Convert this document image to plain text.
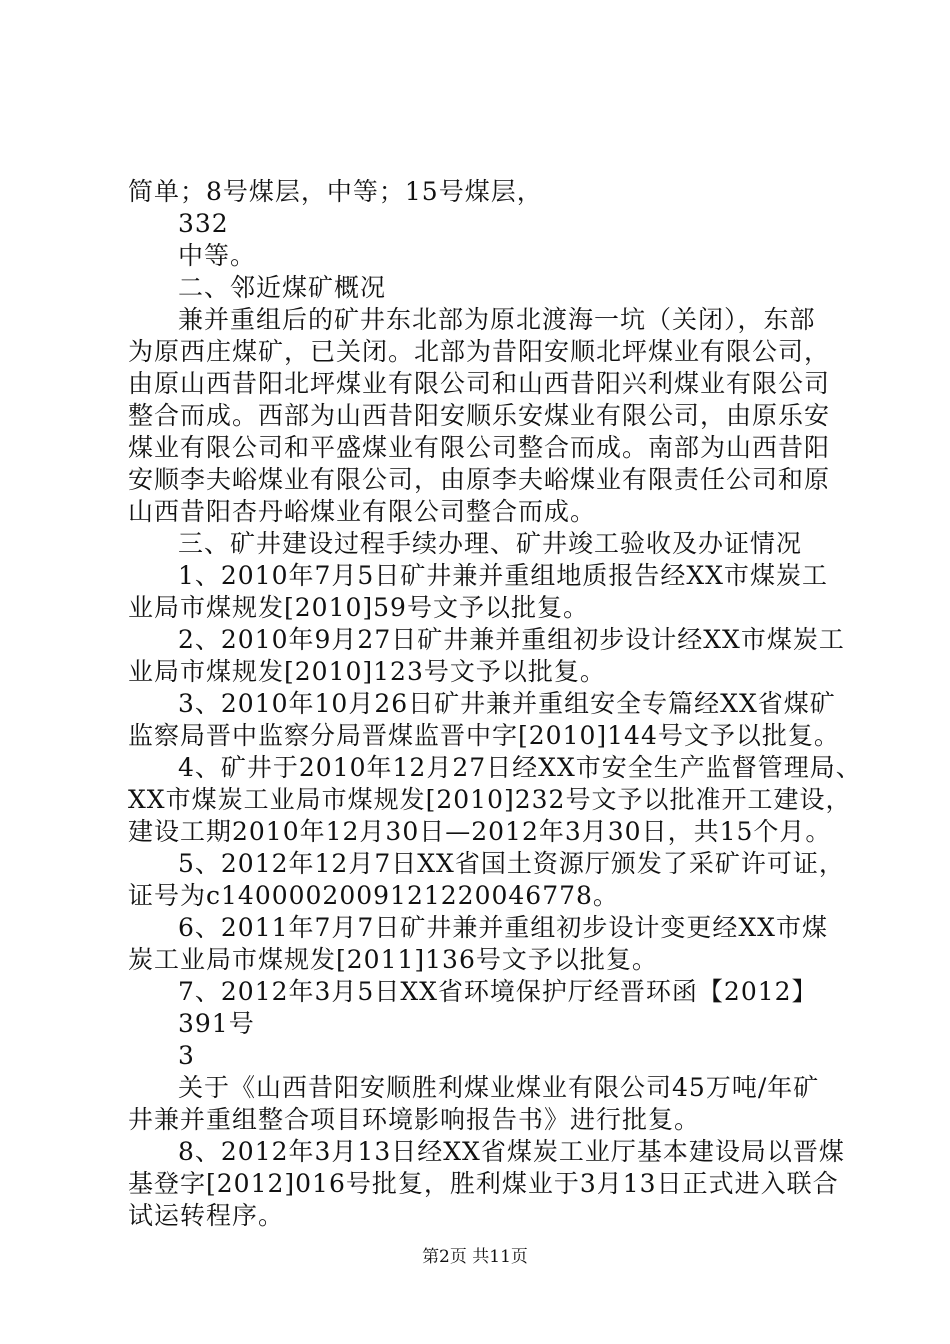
简单；8号煤层，中等；15号煤层，
332
中等。
二、邻近煤矿概况
兼并重组后的矿井东北部为原北渡海一坑（关闭），东部
为原西庄煤矿，已关闭。北部为昔阳安顺北坪煤业有限公司，
由原山西昔阳北坪煤业有限公司和山西昔阳兴利煤业有限公司
整合而成。西部为山西昔阳安顺乐安煤业有限公司，由原乐安
煤业有限公司和平盛煤业有限公司整合而成。南部为山西昔阳
安顺李夫峪煤业有限公司，由原李夫峪煤业有限责任公司和原
山西昔阳杏丹峪煤业有限公司整合而成。
三、矿井建设过程手续办理、矿井竣工验收及办证情况
1、2010年7月5日矿井兼并重组地质报告经XX市煤炭工
业局市煤规发[2010]59号文予以批复。
2、2010年9月27日矿井兼并重组初步设计经XX市煤炭工
业局市煤规发[2010]123号文予以批复。
3、2010年10月26日矿井兼并重组安全专篇经XX省煤矿
监察局晋中监察分局晋煤监晋中字[2010]144号文予以批复。
4、矿井于2010年12月27日经XX市安全生产监督管理局、
XX市煤炭工业局市煤规发[2010]232号文予以批准开工建设，
建设工期2010年12月30日—2012年3月30日，共15个月。
5、2012年12月7日XX省国土资源厅颁发了采矿许可证，
证号为c1400002009121220046778。
6、2011年7月7日矿井兼并重组初步设计变更经XX市煤
炭工业局市煤规发[2011]136号文予以批复。
7、2012年3月5日XX省环境保护厅经晋环函【2012】
391号
3
关于《山西昔阳安顺胜利煤业煤业有限公司45万吨/年矿
井兼并重组整合项目环境影响报告书》进行批复。
8、2012年3月13日经XX省煤炭工业厅基本建设局以晋煤
基登字[2012]016号批复，胜利煤业于3月13日正式进入联合
试运转程序。
第2页 共11页
